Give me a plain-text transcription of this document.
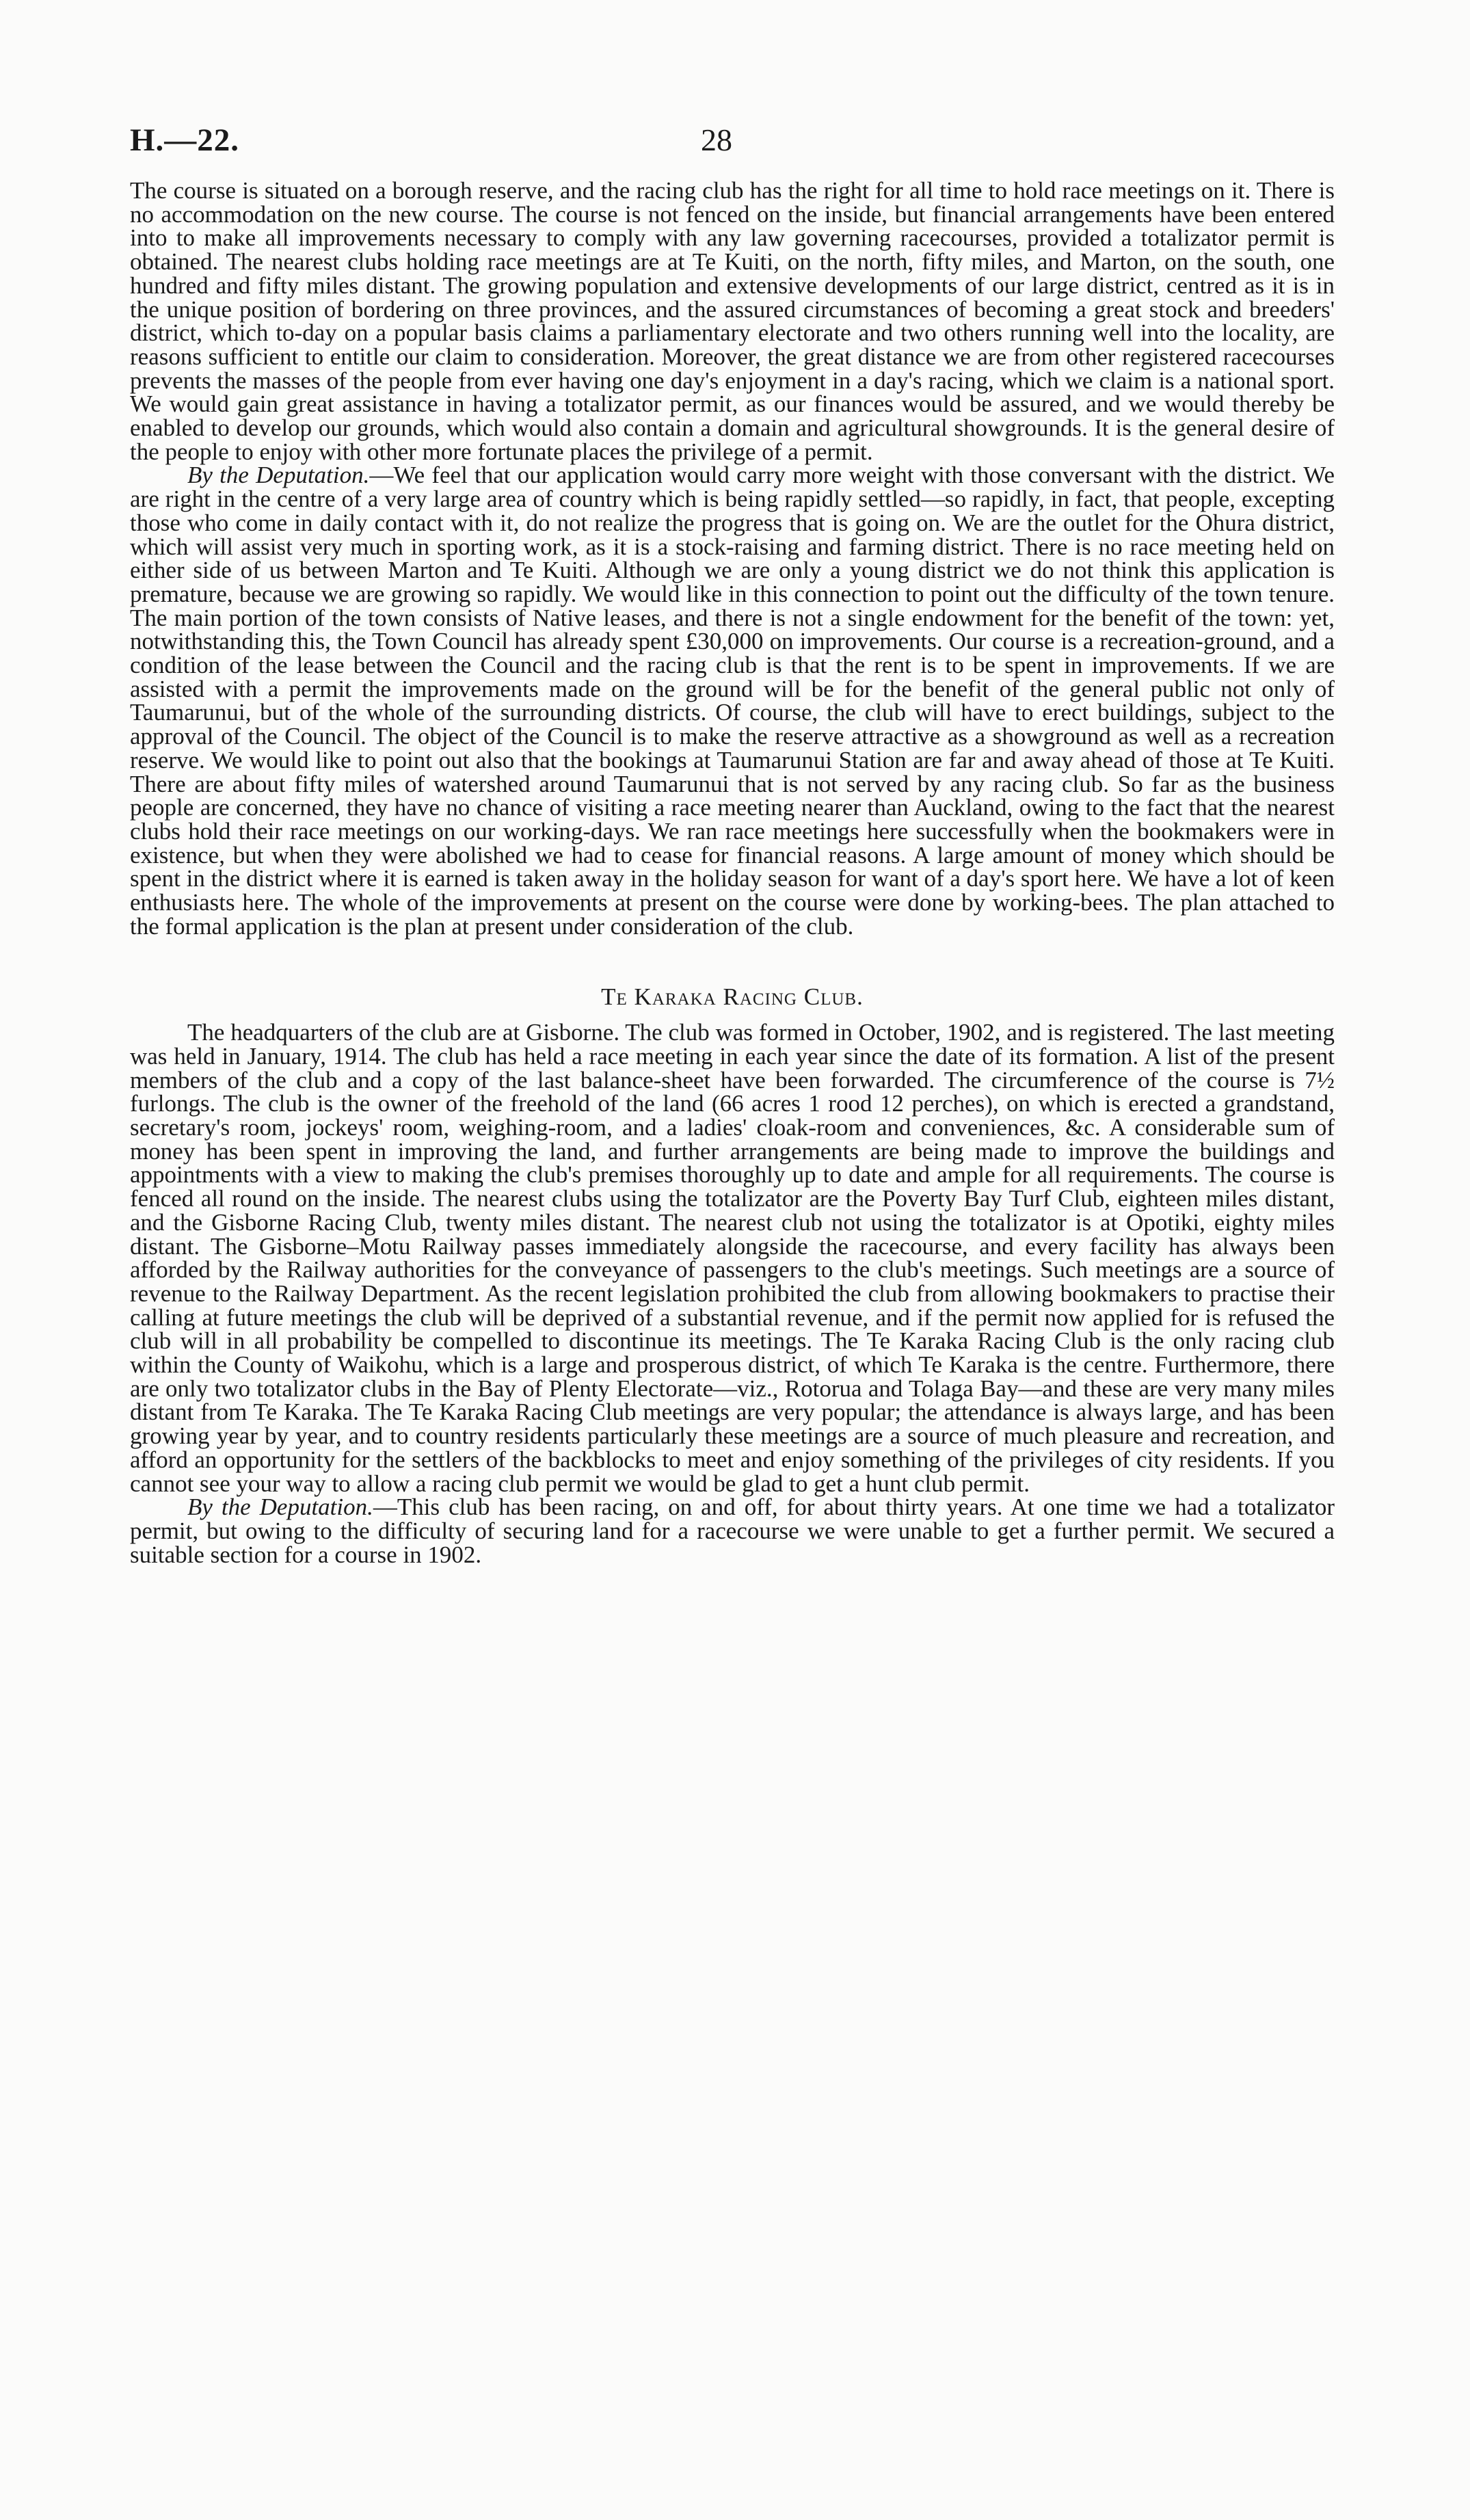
H.—22.	28

The course is situated on a borough reserve, and the racing club has the right for all time to hold race meetings on it. There is no accommodation on the new course. The course is not fenced on the inside, but financial arrangements have been entered into to make all improvements necessary to comply with any law governing racecourses, provided a totalizator permit is obtained. The nearest clubs holding race meetings are at Te Kuiti, on the north, fifty miles, and Marton, on the south, one hundred and fifty miles distant. The growing population and extensive developments of our large district, centred as it is in the unique position of bordering on three provinces, and the assured circumstances of becoming a great stock and breeders' district, which to-day on a popular basis claims a parliamentary electorate and two others running well into the locality, are reasons sufficient to entitle our claim to consideration. Moreover, the great distance we are from other registered racecourses prevents the masses of the people from ever having one day's enjoyment in a day's racing, which we claim is a national sport. We would gain great assistance in having a totalizator permit, as our finances would be assured, and we would thereby be enabled to develop our grounds, which would also contain a domain and agricultural showgrounds. It is the general desire of the people to enjoy with other more fortunate places the privilege of a permit.

By the Deputation.—We feel that our application would carry more weight with those conversant with the district. We are right in the centre of a very large area of country which is being rapidly settled—so rapidly, in fact, that people, excepting those who come in daily contact with it, do not realize the progress that is going on. We are the outlet for the Ohura district, which will assist very much in sporting work, as it is a stock-raising and farming district. There is no race meeting held on either side of us between Marton and Te Kuiti. Although we are only a young district we do not think this application is premature, because we are growing so rapidly. We would like in this connection to point out the difficulty of the town tenure. The main portion of the town consists of Native leases, and there is not a single endowment for the benefit of the town: yet, notwithstanding this, the Town Council has already spent £30,000 on improvements. Our course is a recreation-ground, and a condition of the lease between the Council and the racing club is that the rent is to be spent in improvements. If we are assisted with a permit the improvements made on the ground will be for the benefit of the general public not only of Taumarunui, but of the whole of the surrounding districts. Of course, the club will have to erect buildings, subject to the approval of the Council. The object of the Council is to make the reserve attractive as a showground as well as a recreation reserve. We would like to point out also that the bookings at Taumarunui Station are far and away ahead of those at Te Kuiti. There are about fifty miles of watershed around Taumarunui that is not served by any racing club. So far as the business people are concerned, they have no chance of visiting a race meeting nearer than Auckland, owing to the fact that the nearest clubs hold their race meetings on our working-days. We ran race meetings here successfully when the bookmakers were in existence, but when they were abolished we had to cease for financial reasons. A large amount of money which should be spent in the district where it is earned is taken away in the holiday season for want of a day's sport here. We have a lot of keen enthusiasts here. The whole of the improvements at present on the course were done by working-bees. The plan attached to the formal application is the plan at present under consideration of the club.

Te Karaka Racing Club.

The headquarters of the club are at Gisborne. The club was formed in October, 1902, and is registered. The last meeting was held in January, 1914. The club has held a race meeting in each year since the date of its formation. A list of the present members of the club and a copy of the last balance-sheet have been forwarded. The circumference of the course is 7½ furlongs. The club is the owner of the freehold of the land (66 acres 1 rood 12 perches), on which is erected a grandstand, secretary's room, jockeys' room, weighing-room, and a ladies' cloak-room and conveniences, &c. A considerable sum of money has been spent in improving the land, and further arrangements are being made to improve the buildings and appointments with a view to making the club's premises thoroughly up to date and ample for all requirements. The course is fenced all round on the inside. The nearest clubs using the totalizator are the Poverty Bay Turf Club, eighteen miles distant, and the Gisborne Racing Club, twenty miles distant. The nearest club not using the totalizator is at Opotiki, eighty miles distant. The Gisborne–Motu Railway passes immediately alongside the racecourse, and every facility has always been afforded by the Railway authorities for the conveyance of passengers to the club's meetings. Such meetings are a source of revenue to the Railway Department. As the recent legislation prohibited the club from allowing bookmakers to practise their calling at future meetings the club will be deprived of a substantial revenue, and if the permit now applied for is refused the club will in all probability be compelled to discontinue its meetings. The Te Karaka Racing Club is the only racing club within the County of Waikohu, which is a large and prosperous district, of which Te Karaka is the centre. Furthermore, there are only two totalizator clubs in the Bay of Plenty Electorate—viz., Rotorua and Tolaga Bay—and these are very many miles distant from Te Karaka. The Te Karaka Racing Club meetings are very popular; the attendance is always large, and has been growing year by year, and to country residents particularly these meetings are a source of much pleasure and recreation, and afford an opportunity for the settlers of the backblocks to meet and enjoy something of the privileges of city residents. If you cannot see your way to allow a racing club permit we would be glad to get a hunt club permit.

By the Deputation.—This club has been racing, on and off, for about thirty years. At one time we had a totalizator permit, but owing to the difficulty of securing land for a racecourse we were unable to get a further permit. We secured a suitable section for a course in 1902.
